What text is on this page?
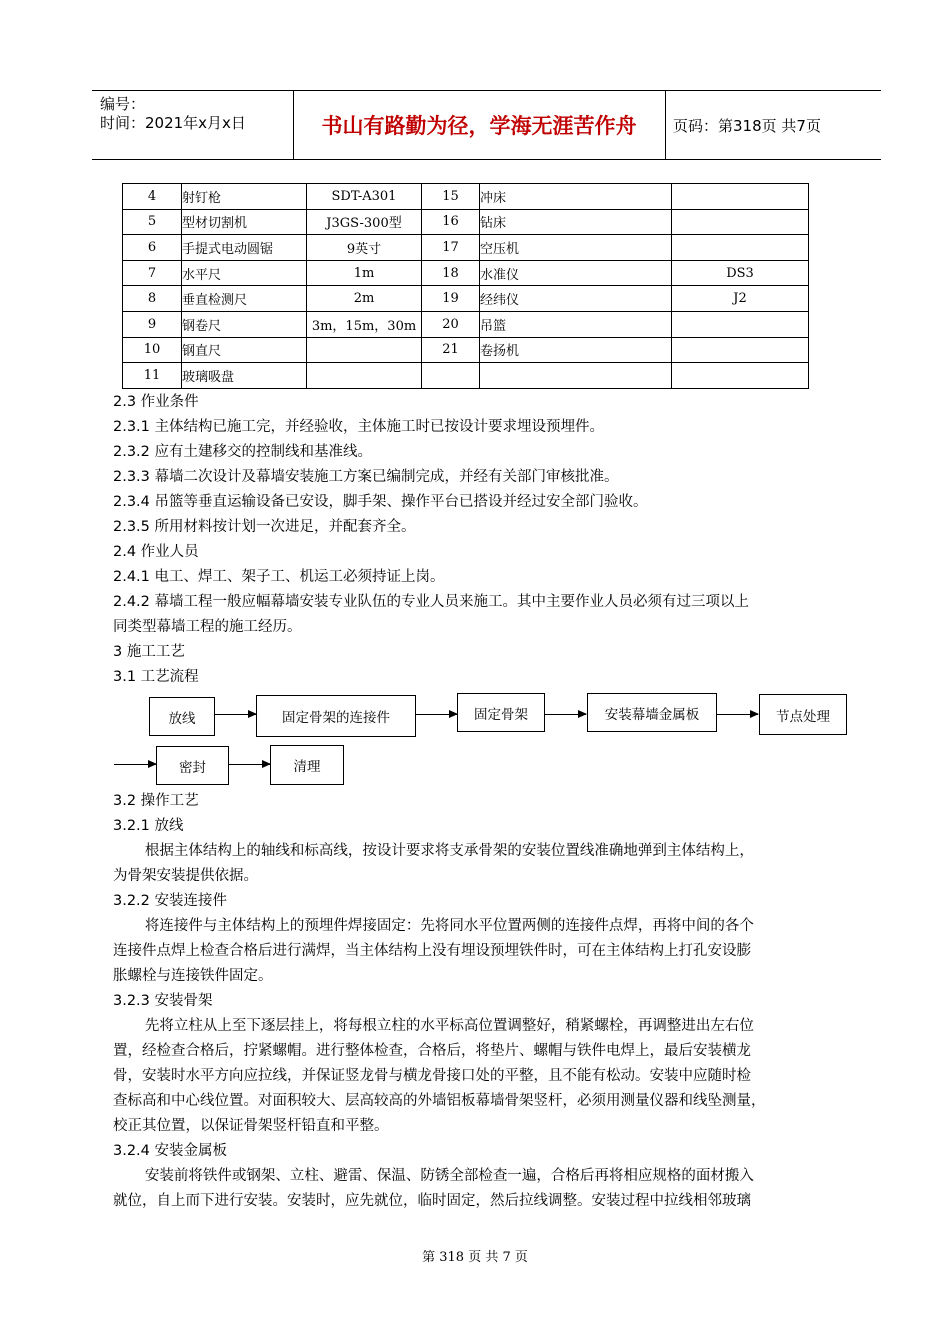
编号：
时间：2021年x月x日	书山有路勤为径，学海无涯苦作舟	页码：第318页 共7页
4	射钉枪	SDT-A301	15	冲床	
5	型材切割机	J3GS-300型	16	钻床	
6	手提式电动圆锯	9英寸	17	空压机	
7	水平尺	1m	18	水准仪	DS3
8	垂直检测尺	2m	19	经纬仪	J2
9	钢卷尺	3m，15m，30m	20	吊篮	
10	钢直尺		21	卷扬机	
11	玻璃吸盘				
2.3 作业条件
2.3.1 主体结构已施工完，并经验收，主体施工时已按设计要求埋设预埋件。
2.3.2 应有土建移交的控制线和基准线。
2.3.3 幕墙二次设计及幕墙安装施工方案已编制完成，并经有关部门审核批准。
2.3.4 吊篮等垂直运输设备已安设，脚手架、操作平台已搭设并经过安全部门验收。
2.3.5 所用材料按计划一次进足，并配套齐全。
2.4 作业人员
2.4.1 电工、焊工、架子工、机运工必须持证上岗。
2.4.2 幕墙工程一般应幅幕墙安装专业队伍的专业人员来施工。其中主要作业人员必须有过三项以上
同类型幕墙工程的施工经历。
3 施工工艺
3.1 工艺流程
放线	固定骨架的连接件	固定骨架	安装幕墙金属板	节点处理
密封	清理
3.2 操作工艺
3.2.1 放线
根据主体结构上的轴线和标高线，按设计要求将支承骨架的安装位置线准确地弹到主体结构上，
为骨架安装提供依据。
3.2.2 安装连接件
将连接件与主体结构上的预埋件焊接固定：先将同水平位置两侧的连接件点焊，再将中间的各个
连接件点焊上检查合格后进行满焊，当主体结构上没有埋设预埋铁件时，可在主体结构上打孔安设膨
胀螺栓与连接铁件固定。
3.2.3 安装骨架
先将立柱从上至下逐层挂上，将每根立柱的水平标高位置调整好，稍紧螺栓，再调整进出左右位
置，经检查合格后，拧紧螺帽。进行整体检查，合格后，将垫片、螺帽与铁件电焊上，最后安装横龙
骨，安装时水平方向应拉线，并保证竖龙骨与横龙骨接口处的平整，且不能有松动。安装中应随时检
查标高和中心线位置。对面积较大、层高较高的外墙铝板幕墙骨架竖杆，必须用测量仪器和线坠测量，
校正其位置，以保证骨架竖杆铅直和平整。
3.2.4 安装金属板
安装前将铁件或钢架、立柱、避雷、保温、防锈全部检查一遍，合格后再将相应规格的面材搬入
就位，自上而下进行安装。安装时，应先就位，临时固定，然后拉线调整。安装过程中拉线相邻玻璃
第 318 页 共 7 页
